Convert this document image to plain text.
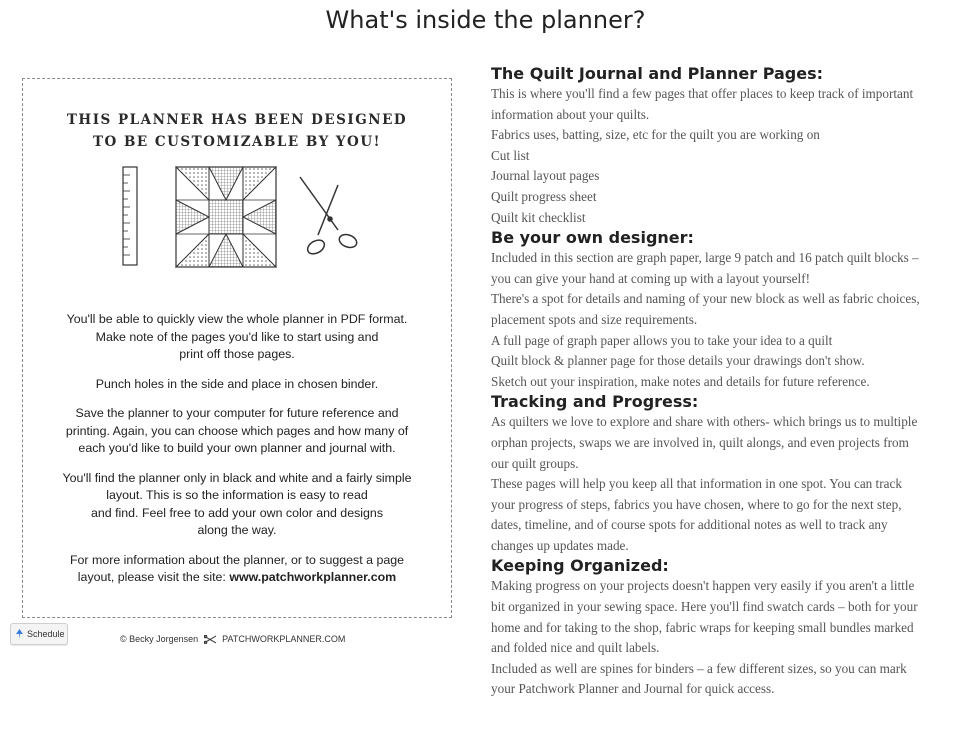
What's inside the planner?
THIS PLANNER HAS BEEN DESIGNED
TO BE CUSTOMIZABLE BY YOU!

You'll be able to quickly view the whole planner in PDF format.
Make note of the pages you'd like to start using and
print off those pages.

Punch holes in the side and place in chosen binder.

Save the planner to your computer for future reference and
printing. Again, you can choose which pages and how many of
each you'd like to build your own planner and journal with.

You'll find the planner only in black and white and a fairly simple
layout. This is so the information is easy to read
and find. Feel free to add your own color and designs
along the way.

For more information about the planner, or to suggest a page
layout, please visit the site: www.patchworkplanner.com

Schedule	© Becky Jorgensen	PATCHWORKPLANNER.COM
The Quilt Journal and Planner Pages:
This is where you'll find a few pages that offer places to keep track of important
information about your quilts.
Fabrics uses, batting, size, etc for the quilt you are working on
Cut list
Journal layout pages
Quilt progress sheet
Quilt kit checklist
Be your own designer:
Included in this section are graph paper, large 9 patch and 16 patch quilt blocks –
you can give your hand at coming up with a layout yourself!
There's a spot for details and naming of your new block as well as fabric choices,
placement spots and size requirements.
A full page of graph paper allows you to take your idea to a quilt
Quilt block & planner page for those details your drawings don't show.
Sketch out your inspiration, make notes and details for future reference.
Tracking and Progress:
As quilters we love to explore and share with others- which brings us to multiple
orphan projects, swaps we are involved in, quilt alongs, and even projects from
our quilt groups.
These pages will help you keep all that information in one spot. You can track
your progress of steps, fabrics you have chosen, where to go for the next step,
dates, timeline, and of course spots for additional notes as well to track any
changes up updates made.
Keeping Organized:
Making progress on your projects doesn't happen very easily if you aren't a little
bit organized in your sewing space. Here you'll find swatch cards – both for your
home and for taking to the shop, fabric wraps for keeping small bundles marked
and folded nice and quilt labels.
Included as well are spines for binders – a few different sizes, so you can mark
your Patchwork Planner and Journal for quick access.
